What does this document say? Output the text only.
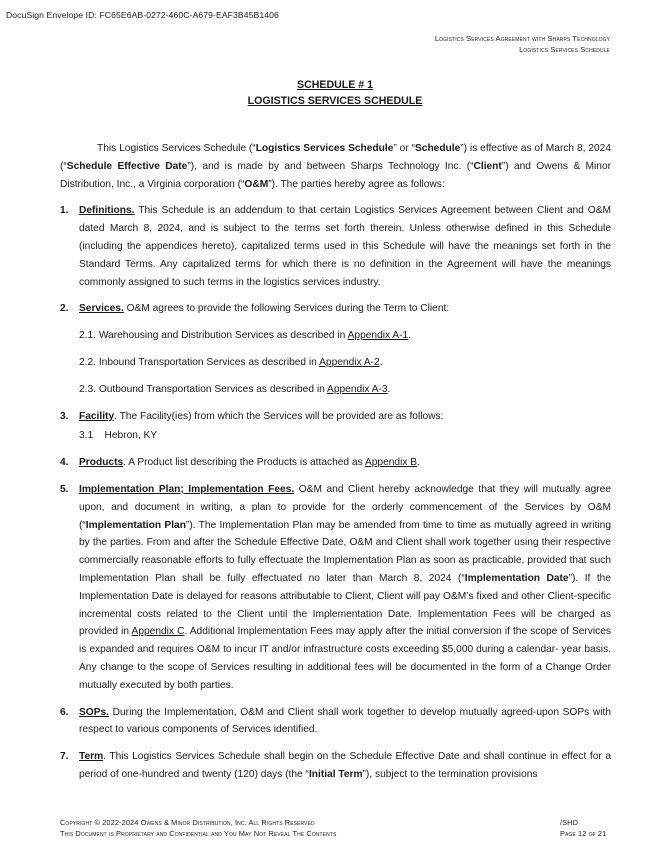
DocuSign Envelope ID: FC65E6AB-0272-460C-A679-EAF3B45B1406
Logistics Services Agreement with Sharps Technology
Logistics Services Schedule
SCHEDULE # 1
LOGISTICS SERVICES SCHEDULE

This Logistics Services Schedule (“Logistics Services Schedule” or “Schedule”) is effective as of March 8, 2024 (“Schedule Effective Date”), and is made by and between Sharps Technology Inc. (“Client”) and Owens & Minor Distribution, Inc., a Virginia corporation (“O&M”). The parties hereby agree as follows:

1. Definitions. This Schedule is an addendum to that certain Logistics Services Agreement between Client and O&M dated March 8, 2024, and is subject to the terms set forth therein. Unless otherwise defined in this Schedule (including the appendices hereto), capitalized terms used in this Schedule will have the meanings set forth in the Standard Terms. Any capitalized terms for which there is no definition in the Agreement will have the meanings commonly assigned to such terms in the logistics services industry.
2. Services. O&M agrees to provide the following Services during the Term to Client:

2.1. Warehousing and Distribution Services as described in Appendix A-1.

2.2. Inbound Transportation Services as described in Appendix A-2.

2.3. Outbound Transportation Services as described in Appendix A-3.

3. Facility. The Facility(ies) from which the Services will be provided are as follows:

3.1    Hebron, KY

4. Products. A Product list describing the Products is attached as Appendix B.
5. Implementation Plan; Implementation Fees. O&M and Client hereby acknowledge that they will mutually agree upon, and document in writing, a plan to provide for the orderly commencement of the Services by O&M (“Implementation Plan”). The Implementation Plan may be amended from time to time as mutually agreed in writing by the parties. From and after the Schedule Effective Date, O&M and Client shall work together using their respective commercially reasonable efforts to fully effectuate the Implementation Plan as soon as practicable, provided that such Implementation Plan shall be fully effectuated no later than March 8, 2024 (“Implementation Date”). If the Implementation Date is delayed for reasons attributable to Client, Client will pay O&M’s fixed and other Client-specific incremental costs related to the Client until the Implementation Date. Implementation Fees will be charged as provided in Appendix C. Additional Implementation Fees may apply after the initial conversion if the scope of Services is expanded and requires O&M to incur IT and/or infrastructure costs exceeding $5,000 during a calendar- year basis. Any change to the scope of Services resulting in additional fees will be documented in the form of a Change Order mutually executed by both parties.
6. SOPs. During the Implementation, O&M and Client shall work together to develop mutually agreed-upon SOPs with respect to various components of Services identified.
7. Term. This Logistics Services Schedule shall begin on the Schedule Effective Date and shall continue in effect for a period of one-hundred and twenty (120) days (the “Initial Term”), subject to the termination provisions
Copyright © 2022-2024 Owens & Minor Distribution, Inc. All Rights Reserved	/SHD
This Document is Proprietary and Confidential and You May Not Reveal The Contents	Page 12 of 21
